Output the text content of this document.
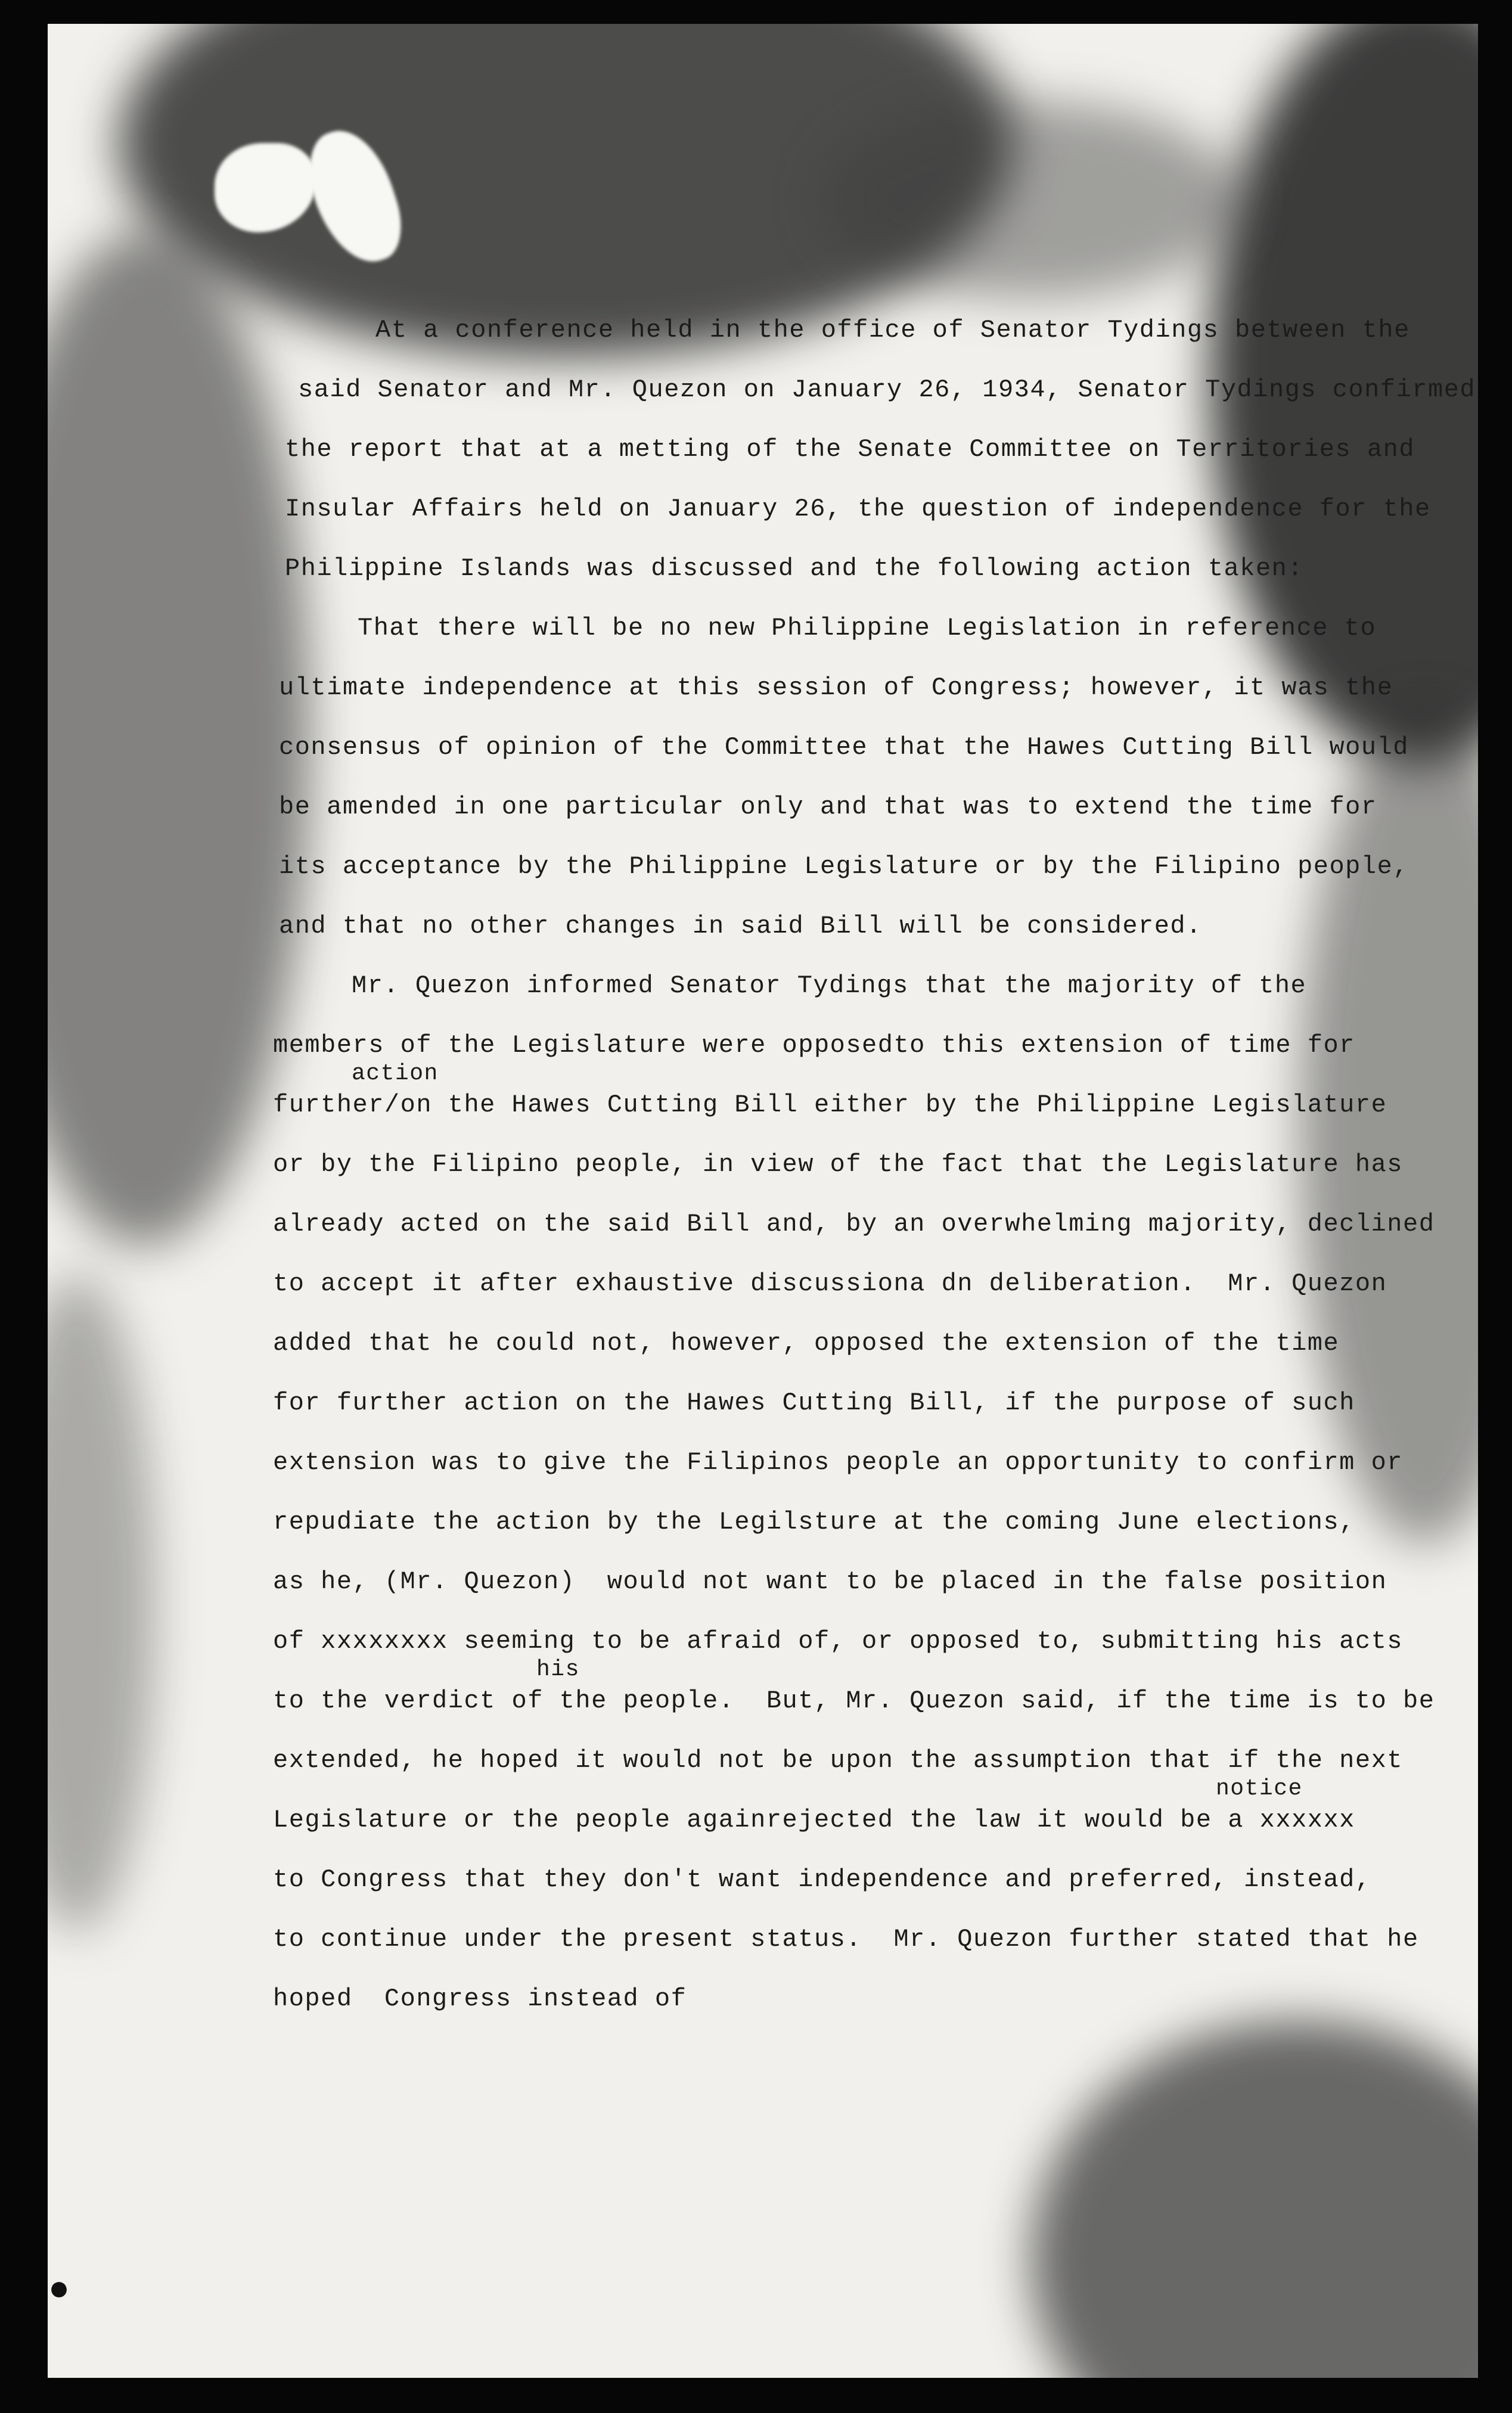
At a conference held in the office of Senator Tydings between the

said Senator and Mr. Quezon on January 26, 1934, Senator Tydings confirmed

the report that at a metting of the Senate Committee on Territories and

Insular Affairs held on January 26, the question of independence for the

Philippine Islands was discussed and the following action taken:

That there will be no new Philippine Legislation in reference to

ultimate independence at this session of Congress; however, it was the

consensus of opinion of the Committee that the Hawes Cutting Bill would

be amended in one particular only and that was to extend the time for

its acceptance by the Philippine Legislature or by the Filipino people,

and that no other changes in said Bill will be considered.

Mr. Quezon informed Senator Tydings that the majority of the

members of the Legislature were opposedto this extension of time for

action

further/on the Hawes Cutting Bill either by the Philippine Legislature

or by the Filipino people, in view of the fact that the Legislature has

already acted on the said Bill and, by an overwhelming majority, declined

to accept it after exhaustive discussiona dn deliberation.  Mr. Quezon

added that he could not, however, opposed the extension of the time

for further action on the Hawes Cutting Bill, if the purpose of such

extension was to give the Filipinos people an opportunity to confirm or

repudiate the action by the Legilsture at the coming June elections,

as he, (Mr. Quezon)  would not want to be placed in the false position

of xxxxxxxx seeming to be afraid of, or opposed to, submitting his acts

his

to the verdict of the people.  But, Mr. Quezon said, if the time is to be

extended, he hoped it would not be upon the assumption that if the next

notice

Legislature or the people againrejected the law it would be a xxxxxx

to Congress that they don't want independence and preferred, instead,

to continue under the present status.  Mr. Quezon further stated that he

hoped  Congress instead of

●
